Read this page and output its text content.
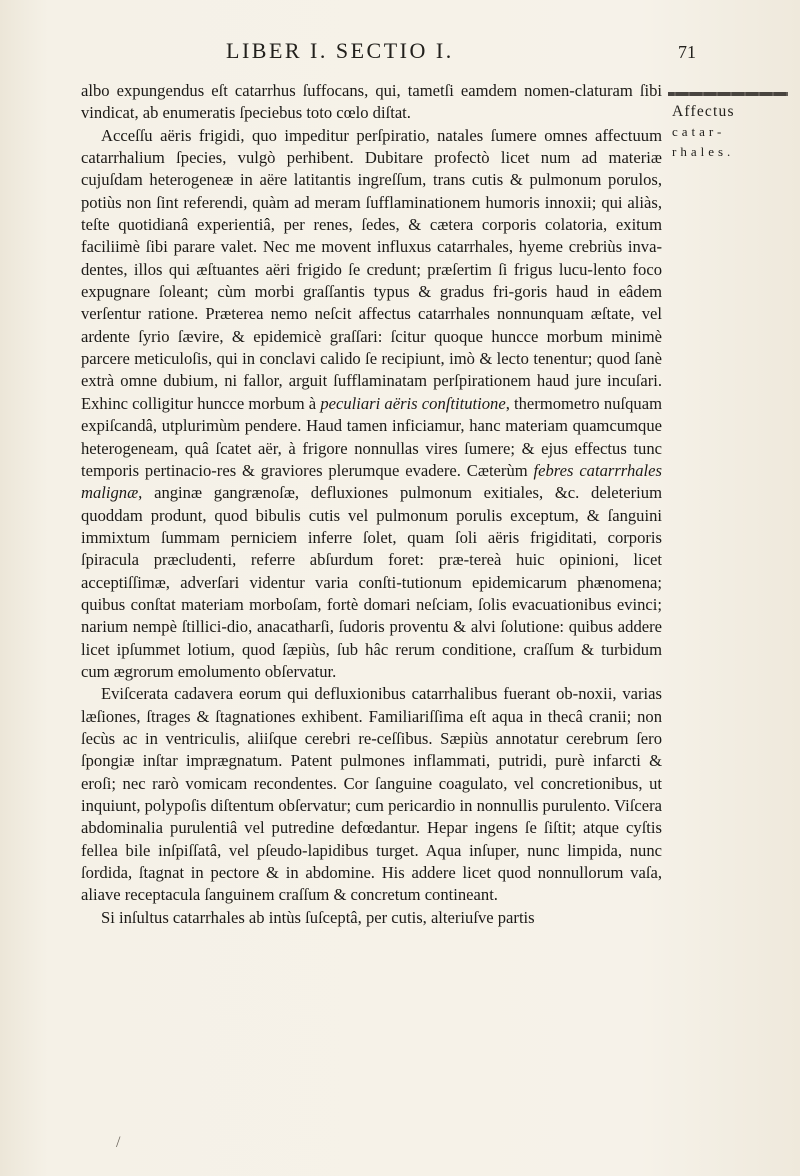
LIBER I. SECTIO I.	71
Affectus
catar-
rhales.

albo expungendus eſt catarrhus ſuffocans, qui, tametſi eamdem nomen-claturam ſibi vindicat, ab enumeratis ſpeciebus toto cœlo diſtat.

Acceſſu aëris frigidi, quo impeditur perſpiratio, natales ſumere omnes affectuum catarrhalium ſpecies, vulgò perhibent. Dubitare profectò licet num ad materiæ cujuſdam heterogeneæ in aëre latitantis ingreſſum, trans cutis & pulmonum porulos, potiùs non ſint referendi, quàm ad meram ſufflaminationem humoris innoxii; qui aliàs, teſte quotidianâ experientiâ, per renes, ſedes, & cætera corporis colatoria, exitum faciliimè ſibi parare valet. Nec me movent influxus catarrhales, hyeme crebriùs inva-dentes, illos qui æſtuantes aëri frigido ſe credunt; præſertim ſi frigus lucu-lento foco expugnare ſoleant; cùm morbi graſſantis typus & gradus fri-goris haud in eâdem verſentur ratione. Præterea nemo neſcit affectus catarrhales nonnunquam æſtate, vel ardente ſyrio ſævire, & epidemicè graſſari: ſcitur quoque huncce morbum minimè parcere meticuloſis, qui in conclavi calido ſe recipiunt, imò & lecto tenentur; quod ſanè extrà omne dubium, ni fallor, arguit ſufflaminatam perſpirationem haud jure incuſari. Exhinc colligitur huncce morbum à peculiari aëris conſtitutione, thermometro nuſquam expiſcandâ, utplurimùm pendere. Haud tamen inficiamur, hanc materiam quamcumque heterogeneam, quâ ſcatet aër, à frigore nonnullas vires ſumere; & ejus effectus tunc temporis pertinacio-res & graviores plerumque evadere. Cæterùm febres catarrrhales malignæ, anginæ gangrænoſæ, defluxiones pulmonum exitiales, &c. deleterium quoddam produnt, quod bibulis cutis vel pulmonum porulis exceptum, & ſanguini immixtum ſummam perniciem inferre ſolet, quam ſoli aëris frigiditati, corporis ſpiracula præcludenti, referre abſurdum foret: præ-tereà huic opinioni, licet acceptiſſimæ, adverſari videntur varia conſti-tutionum epidemicarum phænomena; quibus conſtat materiam morboſam, fortè domari neſciam, ſolis evacuationibus evinci; narium nempè ſtillici-dio, anacatharſi, ſudoris proventu & alvi ſolutione: quibus addere licet ipſummet lotium, quod ſæpiùs, ſub hâc rerum conditione, craſſum & turbidum cum ægrorum emolumento obſervatur.

Eviſcerata cadavera eorum qui defluxionibus catarrhalibus fuerant ob-noxii, varias læſiones, ſtrages & ſtagnationes exhibent. Familiariſſima eſt aqua in thecâ cranii; non ſecùs ac in ventriculis, aliiſque cerebri re-ceſſibus. Sæpiùs annotatur cerebrum ſero ſpongiæ inſtar imprægnatum. Patent pulmones inflammati, putridi, purè infarcti & eroſi; nec rarò vomicam recondentes. Cor ſanguine coagulato, vel concretionibus, ut inquiunt, polypoſis diſtentum obſervatur; cum pericardio in nonnullis purulento. Viſcera abdominalia purulentiâ vel putredine defœdantur. Hepar ingens ſe ſiſtit; atque cyſtis fellea bile inſpiſſatâ, vel pſeudo-lapidibus turget. Aqua inſuper, nunc limpida, nunc ſordida, ſtagnat in pectore & in abdomine. His addere licet quod nonnullorum vaſa, aliave receptacula ſanguinem craſſum & concretum contineant.

Si inſultus catarrhales ab intùs ſuſceptâ, per cutis, alteriuſve partis

/
